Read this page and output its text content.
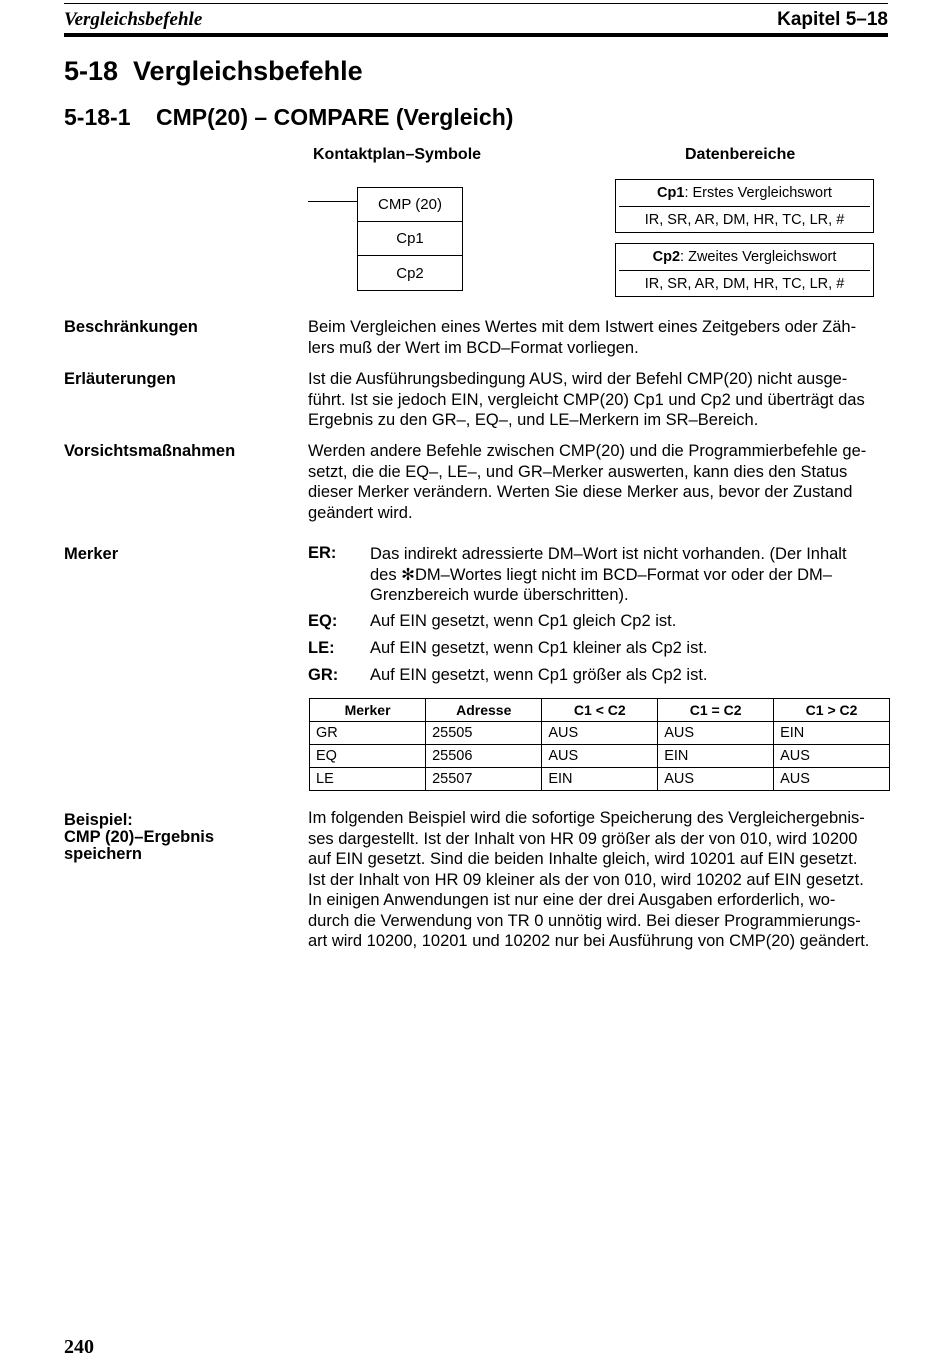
Vergleichsbefehle	Kapitel 5–18
5-18  Vergleichsbefehle
5-18-1 CMP(20) – COMPARE (Vergleich)
Kontaktplan–Symbole	Datenbereiche
CMP (20)
Cp1
Cp2
Cp1 : Erstes Vergleichswort
IR, SR, AR, DM, HR, TC, LR, #
Cp2 : Zweites Vergleichswort
IR, SR, AR, DM, HR, TC, LR, #
Beschränkungen	Beim Vergleichen eines Wertes mit dem Istwert eines Zeitgebers oder Zäh-
lers muß der Wert im BCD–Format vorliegen.
Erläuterungen	Ist die Ausführungsbedingung AUS, wird der Befehl CMP(20) nicht ausge-
führt. Ist sie jedoch EIN, vergleicht CMP(20) Cp1 und Cp2 und überträgt das
Ergebnis zu den GR–, EQ–, und LE–Merkern im SR–Bereich.
Vorsichtsmaßnahmen	Werden andere Befehle zwischen CMP(20) und die Programmierbefehle ge-
setzt, die die EQ–, LE–, und GR–Merker auswerten, kann dies den Status
dieser Merker verändern. Werten Sie diese Merker aus, bevor der Zustand
geändert wird.
Merker	ER: Das indirekt adressierte DM–Wort ist nicht vorhanden. (Der Inhalt
des ✻DM–Wortes liegt nicht im BCD–Format vor oder der DM–
Grenzbereich wurde überschritten).
EQ: Auf EIN gesetzt, wenn Cp1 gleich Cp2 ist.
LE: Auf EIN gesetzt, wenn Cp1 kleiner als Cp2 ist.
GR: Auf EIN gesetzt, wenn Cp1 größer als Cp2 ist.
Merker	Adresse	C1 < C2	C1 = C2	C1 > C2
GR	25505	AUS	AUS	EIN
EQ	25506	AUS	EIN	AUS
LE	25507	EIN	AUS	AUS
Beispiel:
CMP (20)–Ergebnis
speichern
Im folgenden Beispiel wird die sofortige Speicherung des Vergleichergebnis-
ses dargestellt. Ist der Inhalt von HR 09 größer als der von 010, wird 10200
auf EIN gesetzt. Sind die beiden Inhalte gleich, wird 10201 auf EIN gesetzt.
Ist der Inhalt von HR 09 kleiner als der von 010, wird 10202 auf EIN gesetzt.
In einigen Anwendungen ist nur eine der drei Ausgaben erforderlich, wo-
durch die Verwendung von TR 0 unnötig wird. Bei dieser Programmierungs-
art wird 10200, 10201 und 10202 nur bei Ausführung von CMP(20) geändert.
240
